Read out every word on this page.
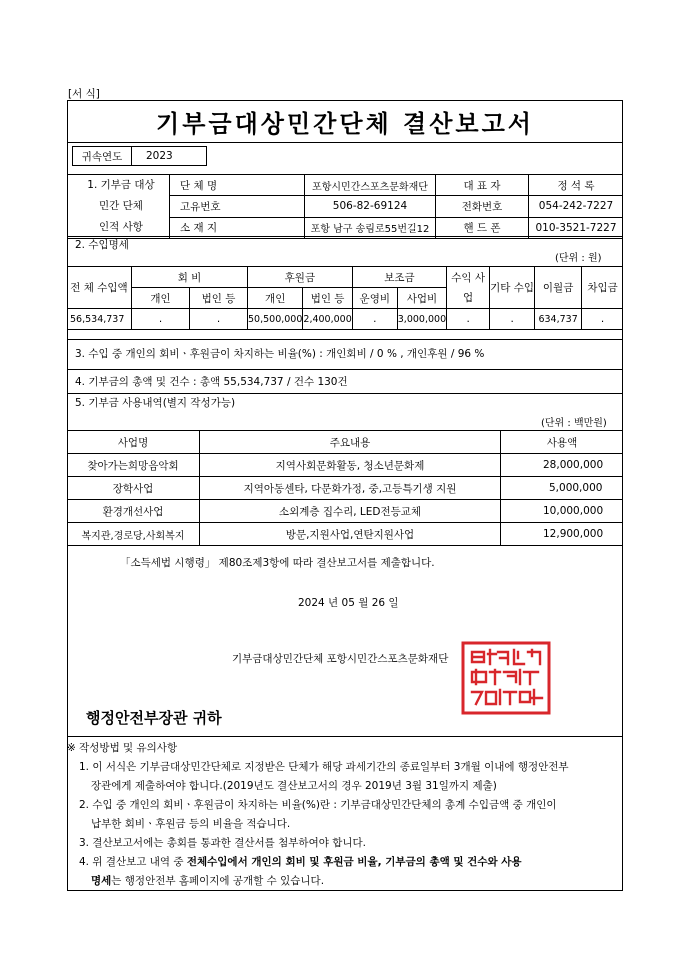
[서 식]
기부금대상민간단체 결산보고서
귀속연도	2023
1. 기부금 대상
민간 단체
인적 사항	단 체 명	포항시민간스포츠문화재단	대 표 자	정 석 록
	고유번호	506-82-69124	전화번호	054-242-7227
	소 재 지	포항 남구 송림로55번길12	핸 드 폰	010-3521-7227
2. 수입명세
(단위 : 원)
전 체 수입액	회 비		후원금		보조금		수익 사업	기타 수입	이월금	차입금
	개인	법인 등	개인	법인 등	운영비	사업비				
56,534,737	.	.	50,500,000	2,400,000	.	3,000,000	.	.	634,737	.
3. 수입 중 개인의 회비ㆍ후원금이 차지하는 비율(%) : 개인회비 / 0 % , 개인후원 / 96 %
4. 기부금의 총액 및 건수 : 총액 55,534,737 / 건수 130건
5. 기부금 사용내역(별지 작성가능)
(단위 : 백만원)
사업명	주요내용	사용액
찾아가는희망음악회	지역사회문화활동, 청소년문화제	28,000,000
장학사업	지역아동센타, 다문화가정, 중,고등특기생 지원	5,000,000
환경개선사업	소외계층 집수리, LED전등교체	10,000,000
복지관,경로당,사회복지	방문,지원사업,연탄지원사업	12,900,000
「소득세법 시행령」 제80조제3항에 따라 결산보고서를 제출합니다.
2024 년 05 월 26 일
기부금대상민간단체 포항시민간스포츠문화재단
행정안전부장관 귀하
※ 작성방법 및 유의사항
1. 이 서식은 기부금대상민간단체로 지정받은 단체가 해당 과세기간의 종료일부터 3개월 이내에 행정안전부
장관에게 제출하여야 합니다.(2019년도 결산보고서의 경우 2019년 3월 31일까지 제출)
2. 수입 중 개인의 회비ㆍ후원금이 차지하는 비율(%)란 : 기부금대상민간단체의 총계 수입금액 중 개인이
납부한 회비ㆍ후원금 등의 비율을 적습니다.
3. 결산보고서에는 총회를 통과한 결산서를 첨부하여야 합니다.
4. 위 결산보고 내역 중 전체수입에서 개인의 회비 및 후원금 비율, 기부금의 총액 및 건수와 사용
명세는 행정안전부 홈페이지에 공개할 수 있습니다.
